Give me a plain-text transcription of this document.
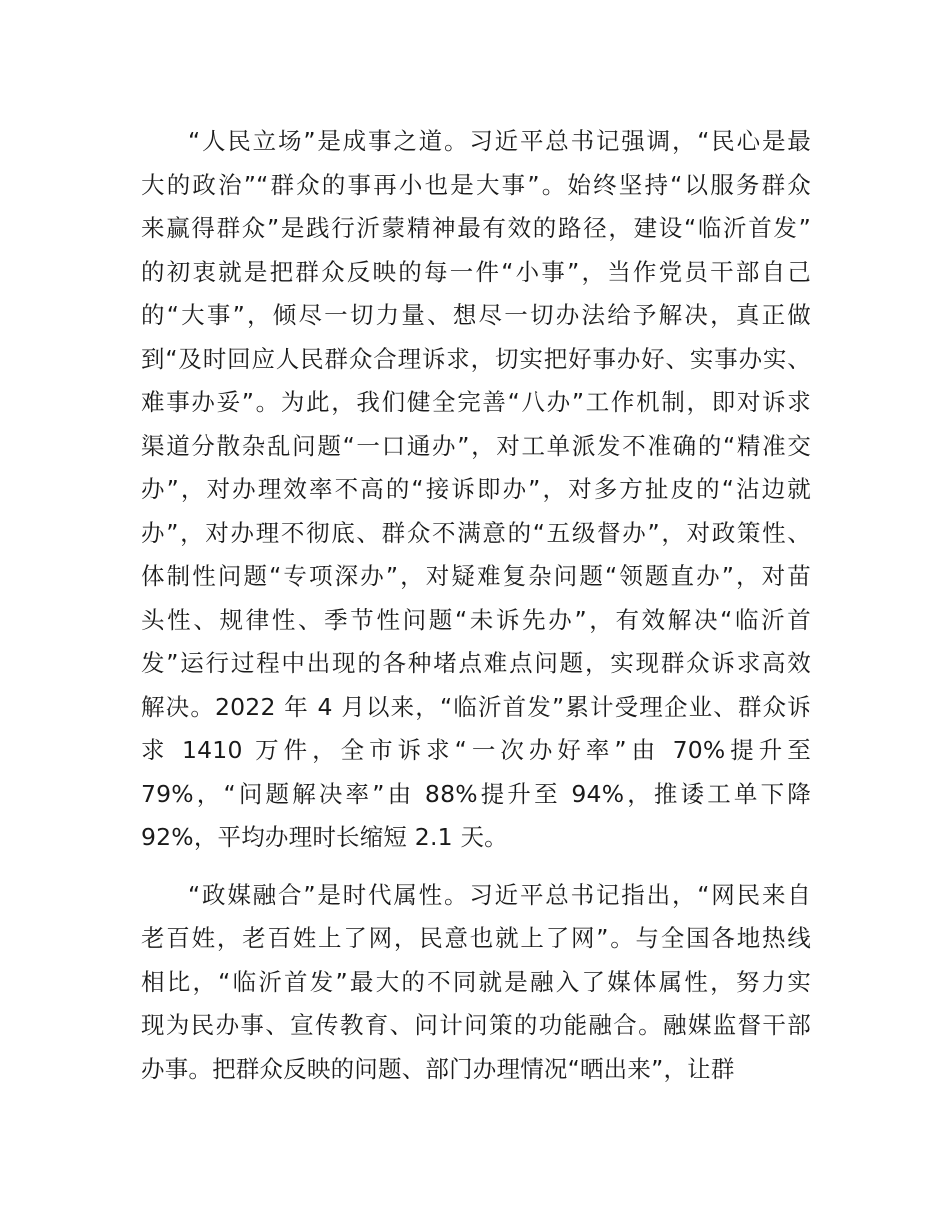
“人民立场”是成事之道。习近平总书记强调，“民心是最
大的政治”“群众的事再小也是大事”。始终坚持“以服务群众
来赢得群众”是践行沂蒙精神最有效的路径，建设“临沂首发”
的初衷就是把群众反映的每一件“小事”，当作党员干部自己
的“大事”，倾尽一切力量、想尽一切办法给予解决，真正做
到“及时回应人民群众合理诉求，切实把好事办好、实事办实、
难事办妥”。为此，我们健全完善“八办”工作机制，即对诉求
渠道分散杂乱问题“一口通办”，对工单派发不准确的“精准交
办”，对办理效率不高的“接诉即办”，对多方扯皮的“沾边就
办”，对办理不彻底、群众不满意的“五级督办”，对政策性、
体制性问题“专项深办”，对疑难复杂问题“领题直办”，对苗
头性、规律性、季节性问题“未诉先办”，有效解决“临沂首
发”运行过程中出现的各种堵点难点问题，实现群众诉求高效
解决。2022 年 4 月以来，“临沂首发”累计受理企业、群众诉
求 1410 万件，全市诉求“一次办好率”由 70%提升至
79%，“问题解决率”由 88%提升至 94%，推诿工单下降
92%，平均办理时长缩短 2.1 天。

“政媒融合”是时代属性。习近平总书记指出，“网民来自
老百姓，老百姓上了网，民意也就上了网”。与全国各地热线
相比，“临沂首发”最大的不同就是融入了媒体属性，努力实
现为民办事、宣传教育、问计问策的功能融合。融媒监督干部
办事。把群众反映的问题、部门办理情况“晒出来”，让群
